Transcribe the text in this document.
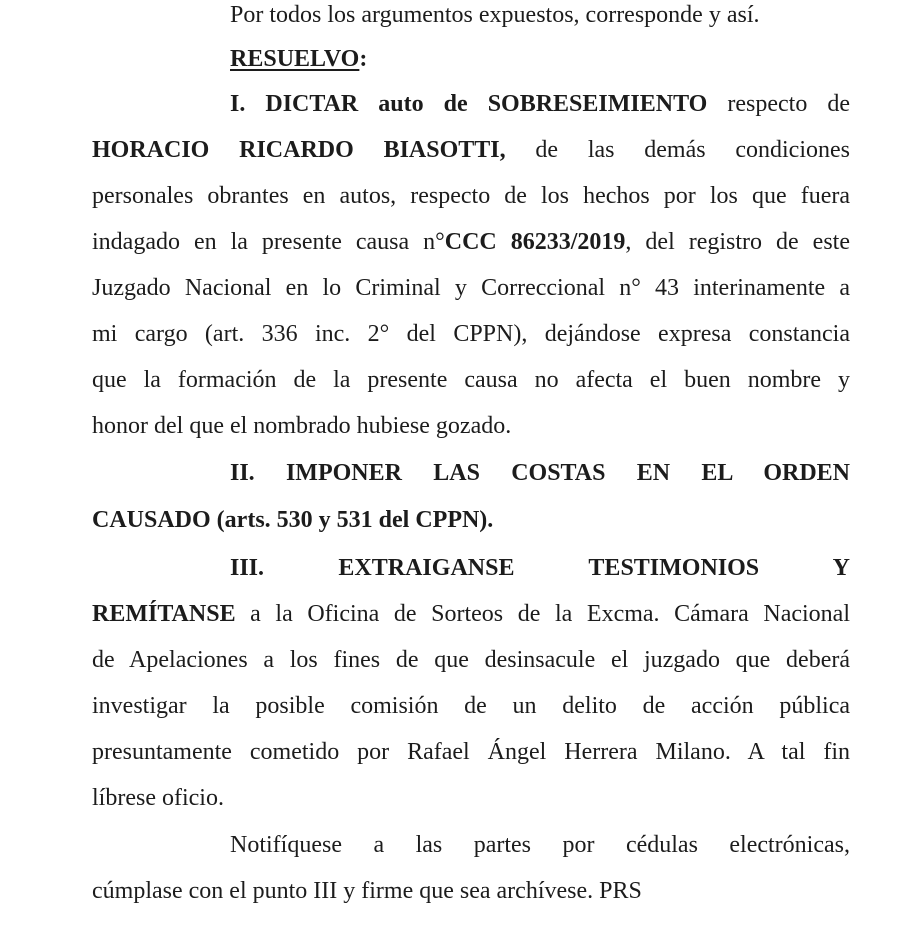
Por todos los argumentos expuestos, corresponde y así.
RESUELVO:
I. DICTAR auto de SOBRESEIMIENTO respecto de
HORACIO RICARDO BIASOTTI, de las demás condiciones
personales obrantes en autos, respecto de los hechos por los que fuera
indagado en la presente causa n°CCC 86233/2019, del registro de este
Juzgado Nacional en lo Criminal y Correccional n° 43 interinamente a
mi cargo (art. 336 inc. 2° del CPPN), dejándose expresa constancia
que la formación de la presente causa no afecta el buen nombre y
honor del que el nombrado hubiese gozado.
II. IMPONER LAS COSTAS EN EL ORDEN
CAUSADO (arts. 530 y 531 del CPPN).
III. EXTRAIGANSE TESTIMONIOS Y
REMÍTANSE a la Oficina de Sorteos de la Excma. Cámara Nacional
de Apelaciones a los fines de que desinsacule el juzgado que deberá
investigar la posible comisión de un delito de acción pública
presuntamente cometido por Rafael Ángel Herrera Milano. A tal fin
líbrese oficio.
Notifíquese a las partes por cédulas electrónicas,
cúmplase con el punto III y firme que sea archívese. PRS
